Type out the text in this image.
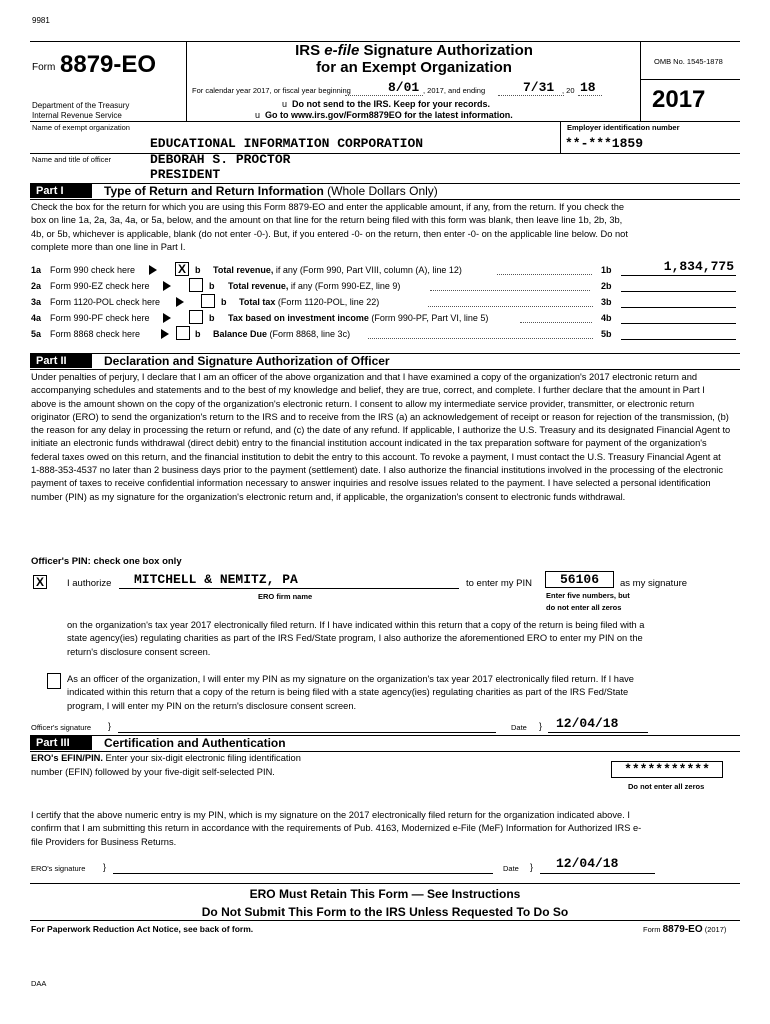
9981
Form 8879-EO
Department of the Treasury
Internal Revenue Service
IRS e-file Signature Authorization
for an Exempt Organization
For calendar year 2017, or fiscal year beginning	8/01 , 2017, and ending	7/31 , 20 18
u Do not send to the IRS. Keep for your records.
u Go to www.irs.gov/Form8879EO for the latest information.
OMB No. 1545-1878
2017
Name of exempt organization	Employer identification number
EDUCATIONAL INFORMATION CORPORATION	**-***1859
Name and title of officer	DEBORAH S. PROCTOR
PRESIDENT
Part I	Type of Return and Return Information (Whole Dollars Only)
Check the box for the return for which you are using this Form 8879-EO and enter the applicable amount, if any, from the return. If you check the box on line 1a, 2a, 3a, 4a, or 5a, below, and the amount on that line for the return being filed with this form was blank, then leave line 1b, 2b, 3b, 4b, or 5b, whichever is applicable, blank (do not enter -0-). But, if you entered -0- on the return, then enter -0- on the applicable line below. Do not complete more than one line in Part I.
1a Form 990 check here	X	b Total revenue, if any (Form 990, Part VIII, column (A), line 12)	1b	1,834,775
2a Form 990-EZ check here	b Total revenue, if any (Form 990-EZ, line 9)	2b
3a Form 1120-POL check here	b Total tax (Form 1120-POL, line 22)	3b
4a Form 990-PF check here	b Tax based on investment income (Form 990-PF, Part VI, line 5)	4b
5a Form 8868 check here	b Balance Due (Form 8868, line 3c)	5b
Part II	Declaration and Signature Authorization of Officer
Under penalties of perjury, I declare that I am an officer of the above organization and that I have examined a copy of the organization's 2017 electronic return and accompanying schedules and statements and to the best of my knowledge and belief, they are true, correct, and complete. I further declare that the amount in Part I above is the amount shown on the copy of the organization's electronic return. I consent to allow my intermediate service provider, transmitter, or electronic return originator (ERO) to send the organization's return to the IRS and to receive from the IRS (a) an acknowledgement of receipt or reason for rejection of the transmission, (b) the reason for any delay in processing the return or refund, and (c) the date of any refund. If applicable, I authorize the U.S. Treasury and its designated Financial Agent to initiate an electronic funds withdrawal (direct debit) entry to the financial institution account indicated in the tax preparation software for payment of the organization's federal taxes owed on this return, and the financial institution to debit the entry to this account. To revoke a payment, I must contact the U.S. Treasury Financial Agent at 1-888-353-4537 no later than 2 business days prior to the payment (settlement) date. I also authorize the financial institutions involved in the processing of the electronic payment of taxes to receive confidential information necessary to answer inquiries and resolve issues related to the payment. I have selected a personal identification number (PIN) as my signature for the organization's electronic return and, if applicable, the organization's consent to electronic funds withdrawal.
Officer's PIN: check one box only
X	I authorize MITCHELL & NEMITZ, PA
ERO firm name
to enter my PIN	56106	as my signature
Enter five numbers, but
do not enter all zeros
on the organization's tax year 2017 electronically filed return. If I have indicated within this return that a copy of the return is being filed with a state agency(ies) regulating charities as part of the IRS Fed/State program, I also authorize the aforementioned ERO to enter my PIN on the return's disclosure consent screen.
As an officer of the organization, I will enter my PIN as my signature on the organization's tax year 2017 electronically filed return. If I have indicated within this return that a copy of the return is being filed with a state agency(ies) regulating charities as part of the IRS Fed/State program, I will enter my PIN on the return's disclosure consent screen.
Officer's signature }	Date } 12/04/18
Part III	Certification and Authentication
ERO's EFIN/PIN. Enter your six-digit electronic filing identification
number (EFIN) followed by your five-digit self-selected PIN.	***********
Do not enter all zeros
I certify that the above numeric entry is my PIN, which is my signature on the 2017 electronically filed return for the organization indicated above. I confirm that I am submitting this return in accordance with the requirements of Pub. 4163, Modernized e-File (MeF) Information for Authorized IRS e-file Providers for Business Returns.
ERO's signature }	Date } 12/04/18
ERO Must Retain This Form — See Instructions
Do Not Submit This Form to the IRS Unless Requested To Do So
For Paperwork Reduction Act Notice, see back of form.	Form 8879-EO (2017)
DAA
